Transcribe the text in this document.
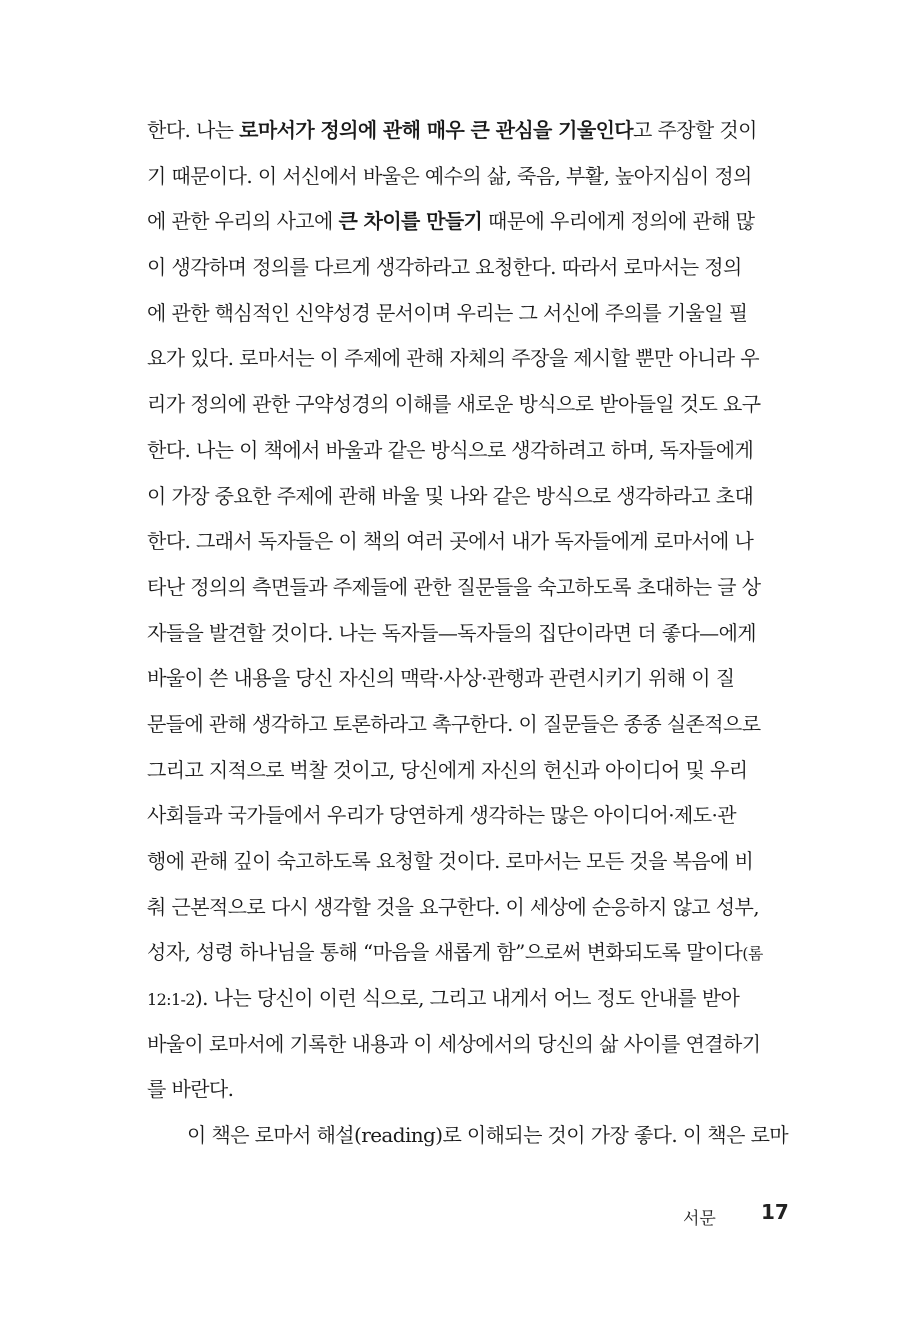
한다. 나는 로마서가 정의에 관해 매우 큰 관심을 기울인다고 주장할 것이
기 때문이다. 이 서신에서 바울은 예수의 삶, 죽음, 부활, 높아지심이 정의
에 관한 우리의 사고에 큰 차이를 만들기 때문에 우리에게 정의에 관해 많
이 생각하며 정의를 다르게 생각하라고 요청한다. 따라서 로마서는 정의
에 관한 핵심적인 신약성경 문서이며 우리는 그 서신에 주의를 기울일 필
요가 있다. 로마서는 이 주제에 관해 자체의 주장을 제시할 뿐만 아니라 우
리가 정의에 관한 구약성경의 이해를 새로운 방식으로 받아들일 것도 요구
한다. 나는 이 책에서 바울과 같은 방식으로 생각하려고 하며, 독자들에게
이 가장 중요한 주제에 관해 바울 및 나와 같은 방식으로 생각하라고 초대
한다. 그래서 독자들은 이 책의 여러 곳에서 내가 독자들에게 로마서에 나
타난 정의의 측면들과 주제들에 관한 질문들을 숙고하도록 초대하는 글 상
자들을 발견할 것이다. 나는 독자들—독자들의 집단이라면 더 좋다—에게
바울이 쓴 내용을 당신 자신의 맥락·사상·관행과 관련시키기 위해 이 질
문들에 관해 생각하고 토론하라고 촉구한다. 이 질문들은 종종 실존적으로
그리고 지적으로 벅찰 것이고, 당신에게 자신의 헌신과 아이디어 및 우리
사회들과 국가들에서 우리가 당연하게 생각하는 많은 아이디어·제도·관
행에 관해 깊이 숙고하도록 요청할 것이다. 로마서는 모든 것을 복음에 비
춰 근본적으로 다시 생각할 것을 요구한다. 이 세상에 순응하지 않고 성부,
성자, 성령 하나님을 통해 “마음을 새롭게 함”으로써 변화되도록 말이다(롬
12:1-2). 나는 당신이 이런 식으로, 그리고 내게서 어느 정도 안내를 받아
바울이 로마서에 기록한 내용과 이 세상에서의 당신의 삶 사이를 연결하기
를 바란다.
이 책은 로마서 해설(reading)로 이해되는 것이 가장 좋다. 이 책은 로마
서문 17
